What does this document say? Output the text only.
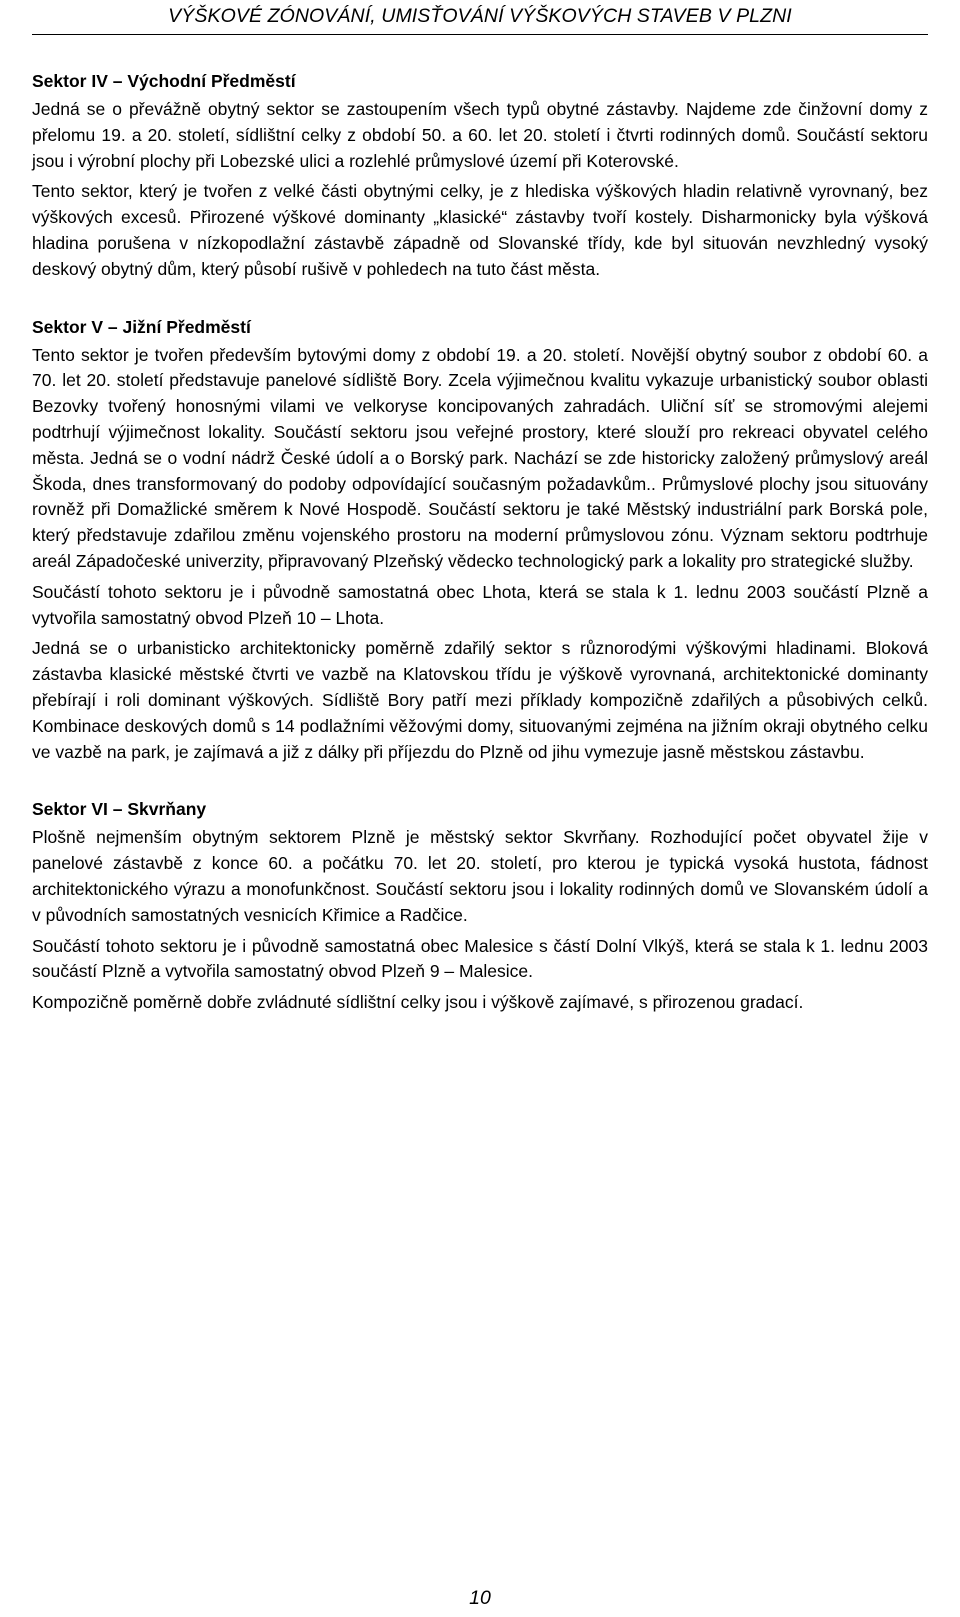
VÝŠKOVÉ ZÓNOVÁNÍ, UMISŤOVÁNÍ VÝŠKOVÝCH STAVEB V PLZNI
Sektor IV – Východní Předměstí

Jedná se o převážně obytný sektor se zastoupením všech typů obytné zástavby. Najdeme zde činžovní domy z přelomu 19. a 20. století, sídlištní celky z období 50. a 60. let 20. století i čtvrti rodinných domů. Součástí sektoru jsou i výrobní plochy při Lobezské ulici a rozlehlé průmyslové území při Koterovské.

Tento sektor, který je tvořen z velké části obytnými celky, je z hlediska výškových hladin relativně vyrovnaný, bez výškových excesů. Přirozené výškové dominanty „klasické“ zástavby tvoří kostely. Disharmonicky byla výšková hladina porušena v nízkopodlažní zástavbě západně od Slovanské třídy, kde byl situován nevzhledný vysoký deskový obytný dům, který působí rušivě v pohledech na tuto část města.

Sektor V – Jižní Předměstí

Tento sektor je tvořen především bytovými domy z období 19. a 20. století. Novější obytný soubor z období 60. a 70. let 20. století představuje panelové sídliště Bory. Zcela výjimečnou kvalitu vykazuje urbanistický soubor oblasti Bezovky tvořený honosnými vilami ve velkoryse koncipovaných zahradách. Uliční síť se stromovými alejemi podtrhují výjimečnost lokality. Součástí sektoru jsou veřejné prostory, které slouží pro rekreaci obyvatel celého města. Jedná se o vodní nádrž České údolí a o Borský park. Nachází se zde historicky založený průmyslový areál Škoda, dnes transformovaný do podoby odpovídající současným požadavkům.. Průmyslové plochy jsou situovány rovněž při Domažlické směrem k Nové Hospodě. Součástí sektoru je také Městský industriální park Borská pole, který představuje zdařilou změnu vojenského prostoru na moderní průmyslovou zónu. Význam sektoru podtrhuje areál Západočeské univerzity, připravovaný Plzeňský vědecko technologický park a lokality pro strategické služby.

Součástí tohoto sektoru je i původně samostatná obec Lhota, která se stala k 1. lednu 2003 součástí Plzně a vytvořila samostatný obvod Plzeň 10 – Lhota.

Jedná se o urbanisticko architektonicky poměrně zdařilý sektor s různorodými výškovými hladinami. Bloková zástavba klasické městské čtvrti ve vazbě na Klatovskou třídu je výškově vyrovnaná, architektonické dominanty přebírají i roli dominant výškových. Sídliště Bory patří mezi příklady kompozičně zdařilých a působivých celků. Kombinace deskových domů s 14 podlažními věžovými domy, situovanými zejména na jižním okraji obytného celku ve vazbě na park, je zajímavá a již z dálky při příjezdu do Plzně od jihu vymezuje jasně městskou zástavbu.

Sektor VI – Skvrňany

Plošně nejmenším obytným sektorem Plzně je městský sektor Skvrňany. Rozhodující počet obyvatel žije v panelové zástavbě z konce 60. a počátku 70. let 20. století, pro kterou je typická vysoká hustota, fádnost architektonického výrazu a monofunkčnost. Součástí sektoru jsou i lokality rodinných domů ve Slovanském údolí a v původních samostatných vesnicích Křimice a Radčice.

Součástí tohoto sektoru je i původně samostatná obec Malesice s částí Dolní Vlkýš, která se stala k 1. lednu 2003 součástí Plzně a vytvořila samostatný obvod Plzeň 9 – Malesice.

Kompozičně poměrně dobře zvládnuté sídlištní celky jsou i výškově zajímavé, s přirozenou gradací.

10
